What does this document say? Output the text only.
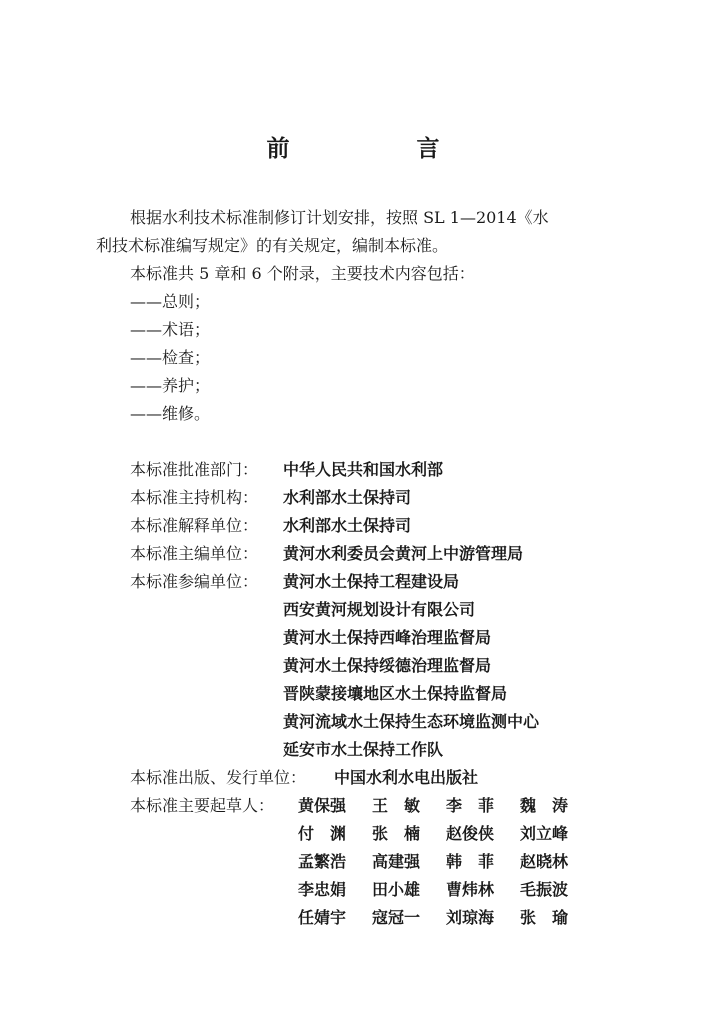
前　言
根据水利技术标准制修订计划安排，按照 SL 1—2014《水
利技术标准编写规定》的有关规定，编制本标准。
本标准共 5 章和 6 个附录，主要技术内容包括：
——总则；
——术语；
——检查；
——养护；
——维修。
本标准批准部门： 中华人民共和国水利部
本标准主持机构： 水利部水土保持司
本标准解释单位： 水利部水土保持司
本标准主编单位： 黄河水利委员会黄河上中游管理局
本标准参编单位： 黄河水土保持工程建设局
西安黄河规划设计有限公司
黄河水土保持西峰治理监督局
黄河水土保持绥德治理监督局
晋陕蒙接壤地区水土保持监督局
黄河流域水土保持生态环境监测中心
延安市水土保持工作队
本标准出版、发行单位： 中国水利水电出版社
本标准主要起草人： 黄保强 王　敏 李　菲 魏　涛
付　渊 张　楠 赵俊侠 刘立峰
孟繁浩 高建强 韩　菲 赵晓林
李忠娟 田小雄 曹炜林 毛振波
任婧宇 寇冠一 刘琼海 张　瑜
